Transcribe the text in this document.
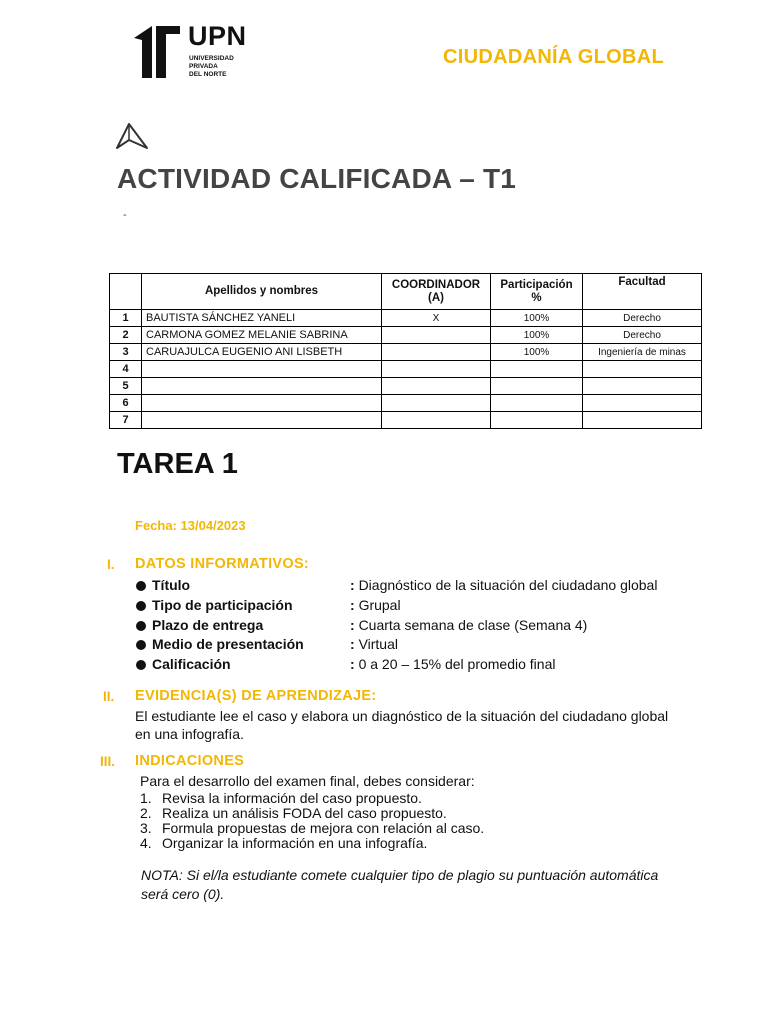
UPN
UNIVERSIDAD
PRIVADA
DEL NORTE
CIUDADANÍA GLOBAL
ACTIVIDAD CALIFICADA – T1
-
	Apellidos y nombres	COORDINADOR (A)	Participación %	Facultad
1	BAUTISTA SÁNCHEZ YANELI	X	100%	Derecho
2	CARMONA GOMEZ MELANIE SABRINA		100%	Derecho
3	CARUAJULCA EUGENIO ANI LISBETH		100%	Ingeniería de minas
4				
5				
6				
7				
TAREA 1
Fecha: 13/04/2023
I. DATOS INFORMATIVOS:
Título	: Diagnóstico de la situación del ciudadano global
Tipo de participación	: Grupal
Plazo de entrega	: Cuarta semana de clase (Semana 4)
Medio de presentación	: Virtual
Calificación	: 0 a 20 – 15% del promedio final
II. EVIDENCIA(S) DE APRENDIZAJE:
El estudiante lee el caso y elabora un diagnóstico de la situación del ciudadano global
en una infografía.
III. INDICACIONES
Para el desarrollo del examen final, debes considerar:
1. Revisa la información del caso propuesto.
2. Realiza un análisis FODA del caso propuesto.
3. Formula propuestas de mejora con relación al caso.
4. Organizar la información en una infografía.
NOTA: Si el/la estudiante comete cualquier tipo de plagio su puntuación automática será cero (0).
